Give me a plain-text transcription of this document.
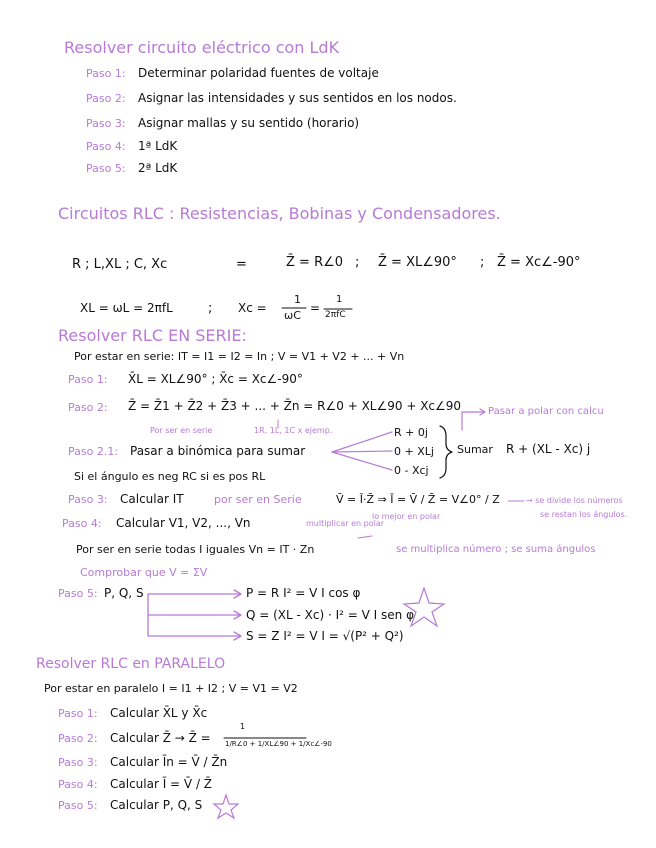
Resolver circuito eléctrico con LdK
Paso 1: Determinar polaridad fuentes de voltaje
Paso 2: Asignar las intensidades y sus sentidos en los nodos.
Paso 3: Asignar mallas y su sentido (horario)
Paso 4: 1ª LdK
Paso 5: 2ª LdK
Circuitos RLC : Resistencias, Bobinas y Condensadores.
R ; L,XL ; C, Xc	=	Z̄ = R∠0 ; Z̄ = XL∠90° ; Z̄ = Xc∠-90°
XL = ωL = 2πfL	; Xc =
1
ωC
=
1
2πfC
Resolver RLC EN SERIE:
Por estar en serie: IT = I1 = I2 = In ; V = V1 + V2 + ... + Vn
Paso 1: X̄L = XL∠90° ; X̄c = Xc∠-90°
Paso 2: Z̄ = Z̄1 + Z̄2 + Z̄3 + ... + Z̄n = R∠0 + XL∠90 + Xc∠90
Por ser en serie	1R, 1L, 1C x ejemp.
Pasar a polar con calcu
Paso 2.1: Pasar a binómica para sumar
R + 0j
0 + XLj
0 - Xcj
Sumar R + (XL - Xc) j
Si el ángulo es neg RC si es pos RL
Paso 3: Calcular IT	por ser en Serie	V̄ = Ī·Z̄ ⇒ Ī = V̄ / Z̄ = V∠0° / Z	→ se divide los números
se restan los ángulos.
Paso 4: Calcular V1, V2, ..., Vn	multiplicar en polar
lo mejor en polar
Por ser en serie todas I iguales Vn = IT · Zn	se multiplica número ; se suma ángulos
Comprobar que V = ΣV
Paso 5: P, Q, S	P = R I² = V I cos φ
Q = (XL - Xc) · I² = V I sen φ
S = Z I² = V I = √(P² + Q²)
Resolver RLC en PARALELO
Por estar en paralelo I = I1 + I2 ; V = V1 = V2
Paso 1: Calcular X̄L y X̄c
Paso 2: Calcular Z̄ → Z̄ =
1
1/R∠0 + 1/XL∠90 + 1/Xc∠-90
Paso 3: Calcular Īn = V̄ / Z̄n
Paso 4: Calcular Ī = V̄ / Z̄
Paso 5: Calcular P, Q, S
